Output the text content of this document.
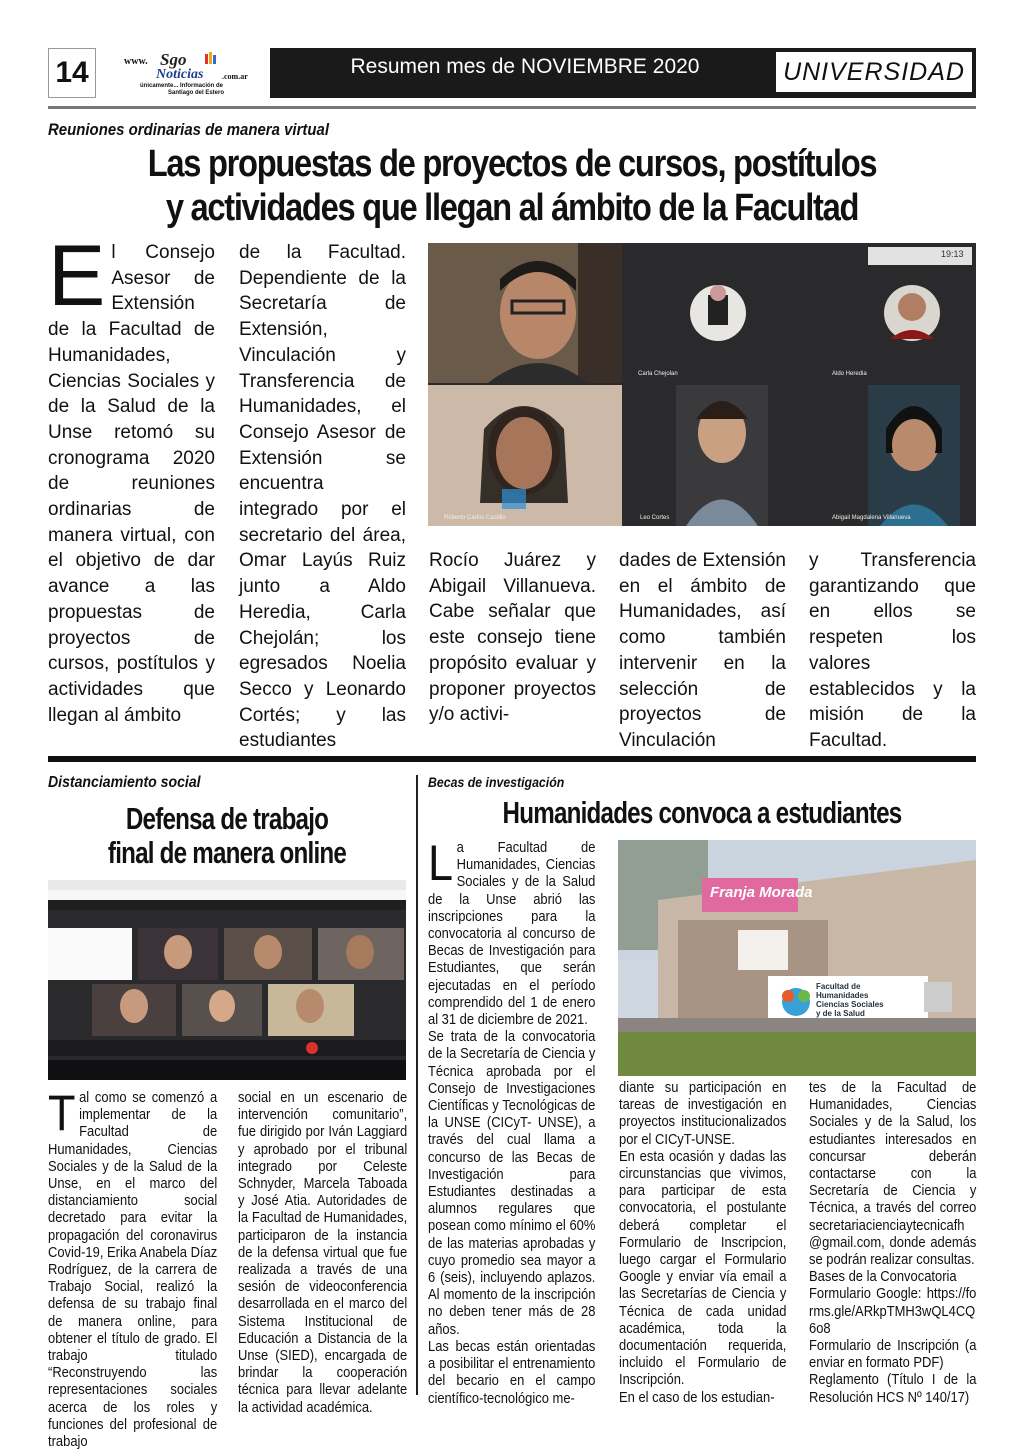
14	www. Sgo
Noticias .com.ar
únicamente... Información de
Santiago del Estero
Resumen mes de NOVIEMBRE 2020	UNIVERSIDAD
Reuniones ordinarias de manera virtual
Las propuestas de proyectos de cursos, postítulos
y actividades que llegan al ámbito de la Facultad
El Consejo Asesor de Extensión de la Facultad de Humanidades, Ciencias Sociales y de la Salud de la Unse retomó su cronograma 2020 de reuniones ordinarias de manera virtual, con el objetivo de dar avance a las propuestas de proyectos de cursos, postítulos y actividades que llegan al ámbito
de la Facultad. Dependiente de la Secretaría de Extensión, Vinculación y Transferencia de Humanidades, el Consejo Asesor de Extensión se encuentra integrado por el secretario del área, Omar Layús Ruiz junto a Aldo Heredia, Carla Chejolán; los egresados Noelia Secco y Leonardo Cortés; y las estudiantes
Rocío Juárez y Abigail Villanueva. Cabe señalar que este consejo tiene propósito evaluar y proponer proyectos y/o activi-
dades de Extensión en el ámbito de Humanidades, así como también intervenir en la selección de proyectos de Vinculación
y Transferencia garantizando que en ellos se respeten los valores establecidos y la misión de la Facultad.
19:13
Carla Chejolan	Aldo Heredia
Roberto Carlos Castillo	Leo Cortes	Abigail Magdalena Villanueva
Distanciamiento social
Defensa de trabajo
final de manera online
Tal como se comenzó a implementar de la Facultad de Humanidades, Ciencias Sociales y de la Salud de la Unse, en el marco del distanciamiento social decretado para evitar la propagación del coronavirus Covid-19, Erika Anabela Díaz Rodríguez, de la carrera de Trabajo Social, realizó la defensa de su trabajo final de manera online, para obtener el título de grado. El trabajo titulado “Reconstruyendo las representaciones sociales acerca de los roles y funciones del profesional de trabajo
social en un escenario de intervención comunitario”, fue dirigido por Iván Laggiard y aprobado por el tribunal integrado por Celeste Schnyder, Marcela Taboada y José Atia. Autoridades de la Facultad de Humanidades, participaron de la instancia de la defensa virtual que fue realizada a través de una sesión de videoconferencia desarrollada en el marco del Sistema Institucional de Educación a Distancia de la Unse (SIED), encargada de brindar la cooperación técnica para llevar adelante la actividad académica.
Becas de investigación
Humanidades convoca a estudiantes
La Facultad de Humanidades, Ciencias Sociales y de la Salud de la Unse abrió las inscripciones para la convocatoria al concurso de Becas de Investigación para Estudiantes, que serán ejecutadas en el período comprendido del 1 de enero al 31 de diciembre de 2021.
Se trata de la convocatoria de la Secretaría de Ciencia y Técnica aprobada por el Consejo de Investigaciones Científicas y Tecnológicas de la UNSE (CICyT- UNSE), a través del cual llama a concurso de las Becas de Investigación para Estudiantes destinadas a alumnos regulares que posean como mínimo el 60% de las materias aprobadas y cuyo promedio sea mayor a 6 (seis), incluyendo aplazos. Al momento de la inscripción no deben tener más de 28 años.
Las becas están orientadas a posibilitar el entrenamiento del becario en el campo científico-tecnológico me-
Franja Morada
Facultad de
Humanidades
Ciencias Sociales
y de la Salud
diante su participación en tareas de investigación en proyectos institucionalizados por el CICyT-UNSE.
En esta ocasión y dadas las circunstancias que vivimos, para participar de esta convocatoria, el postulante deberá completar el Formulario de Inscripcion, luego cargar el Formulario Google y enviar vía email a las Secretarías de Ciencia y Técnica de cada unidad académica, toda la documentación requerida, incluido el Formulario de Inscripción.
En el caso de los estudian-
tes de la Facultad de Humanidades, Ciencias Sociales y de la Salud, los estudiantes interesados en concursar deberán contactarse con la Secretaría de Ciencia y Técnica, a través del correo secretariacienciaytecnicafh @gmail.com, donde además se podrán realizar consultas.
Bases de la Convocatoria
Formulario Google: https://forms.gle/ARkpTMH3wQL4CQ6o8
Formulario de Inscripción (a enviar en formato PDF)
Reglamento (Título I de la Resolución HCS Nº 140/17)
